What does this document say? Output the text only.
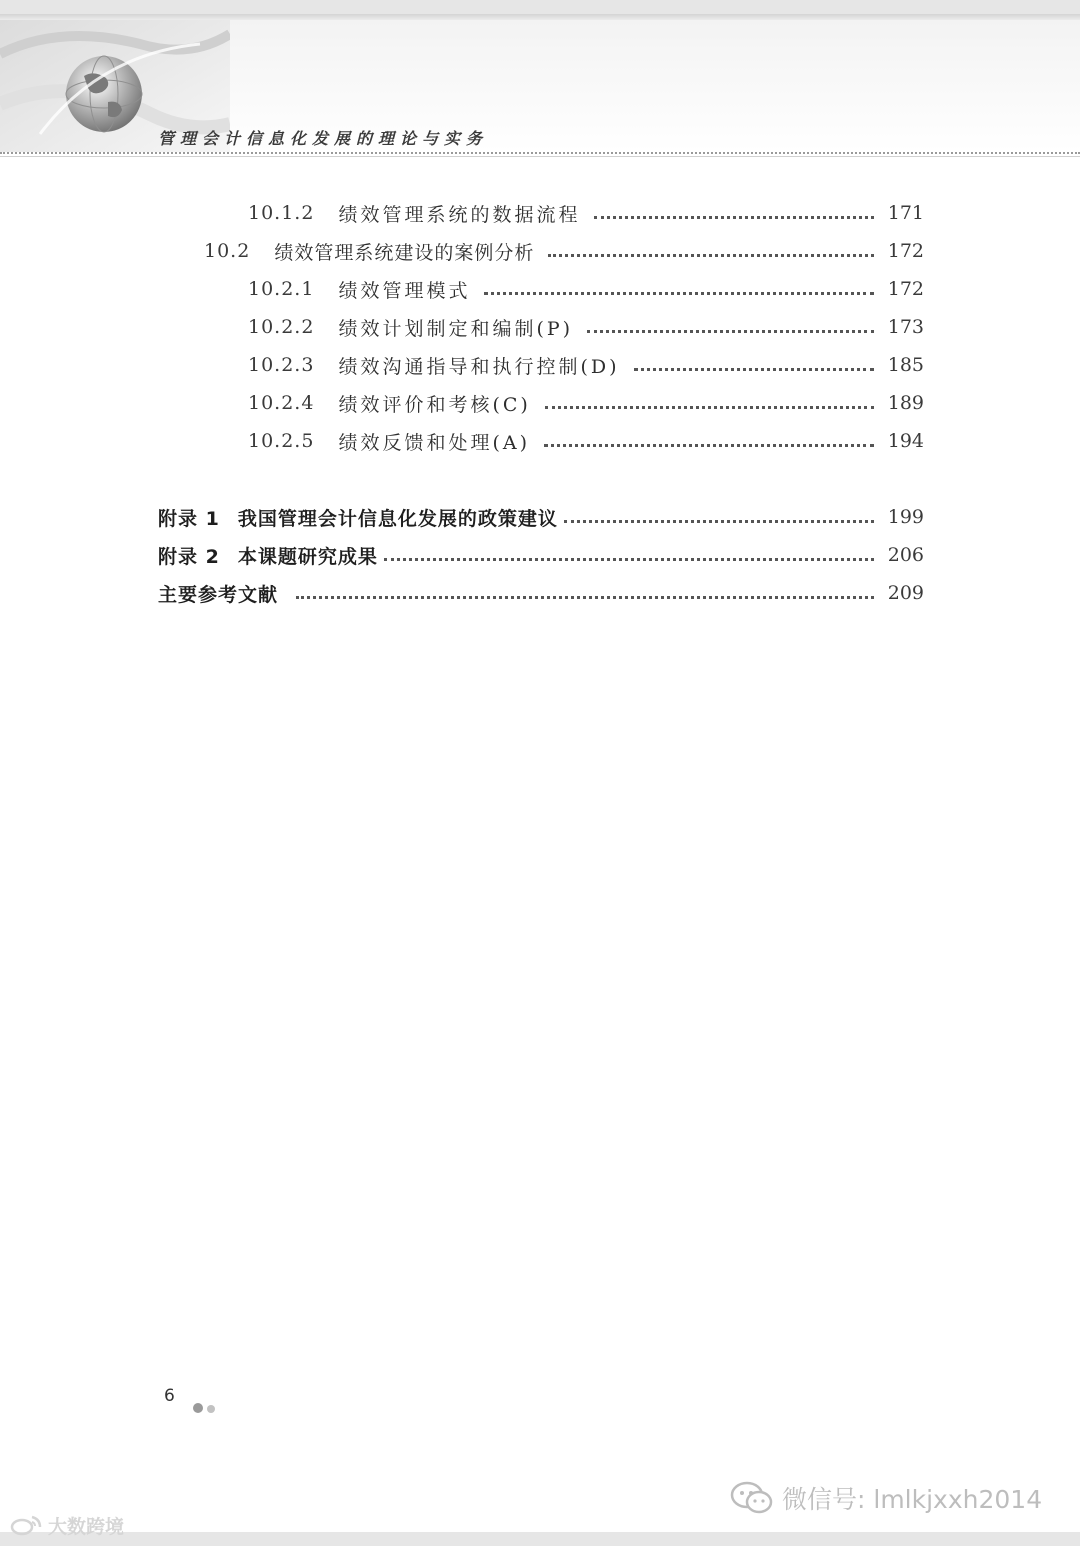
管理会计信息化发展的理论与实务
10.1.2 绩效管理系统的数据流程	171
10.2 绩效管理系统建设的案例分析	172
10.2.1 绩效管理模式	172
10.2.2 绩效计划制定和编制(P)	173
10.2.3 绩效沟通指导和执行控制(D)	185
10.2.4 绩效评价和考核(C)	189
10.2.5 绩效反馈和处理(A)	194
附录 1 我国管理会计信息化发展的政策建议	199
附录 2 本课题研究成果	206
主要参考文献	209
6
微信号: lmlkjxxh2014
大数跨境
